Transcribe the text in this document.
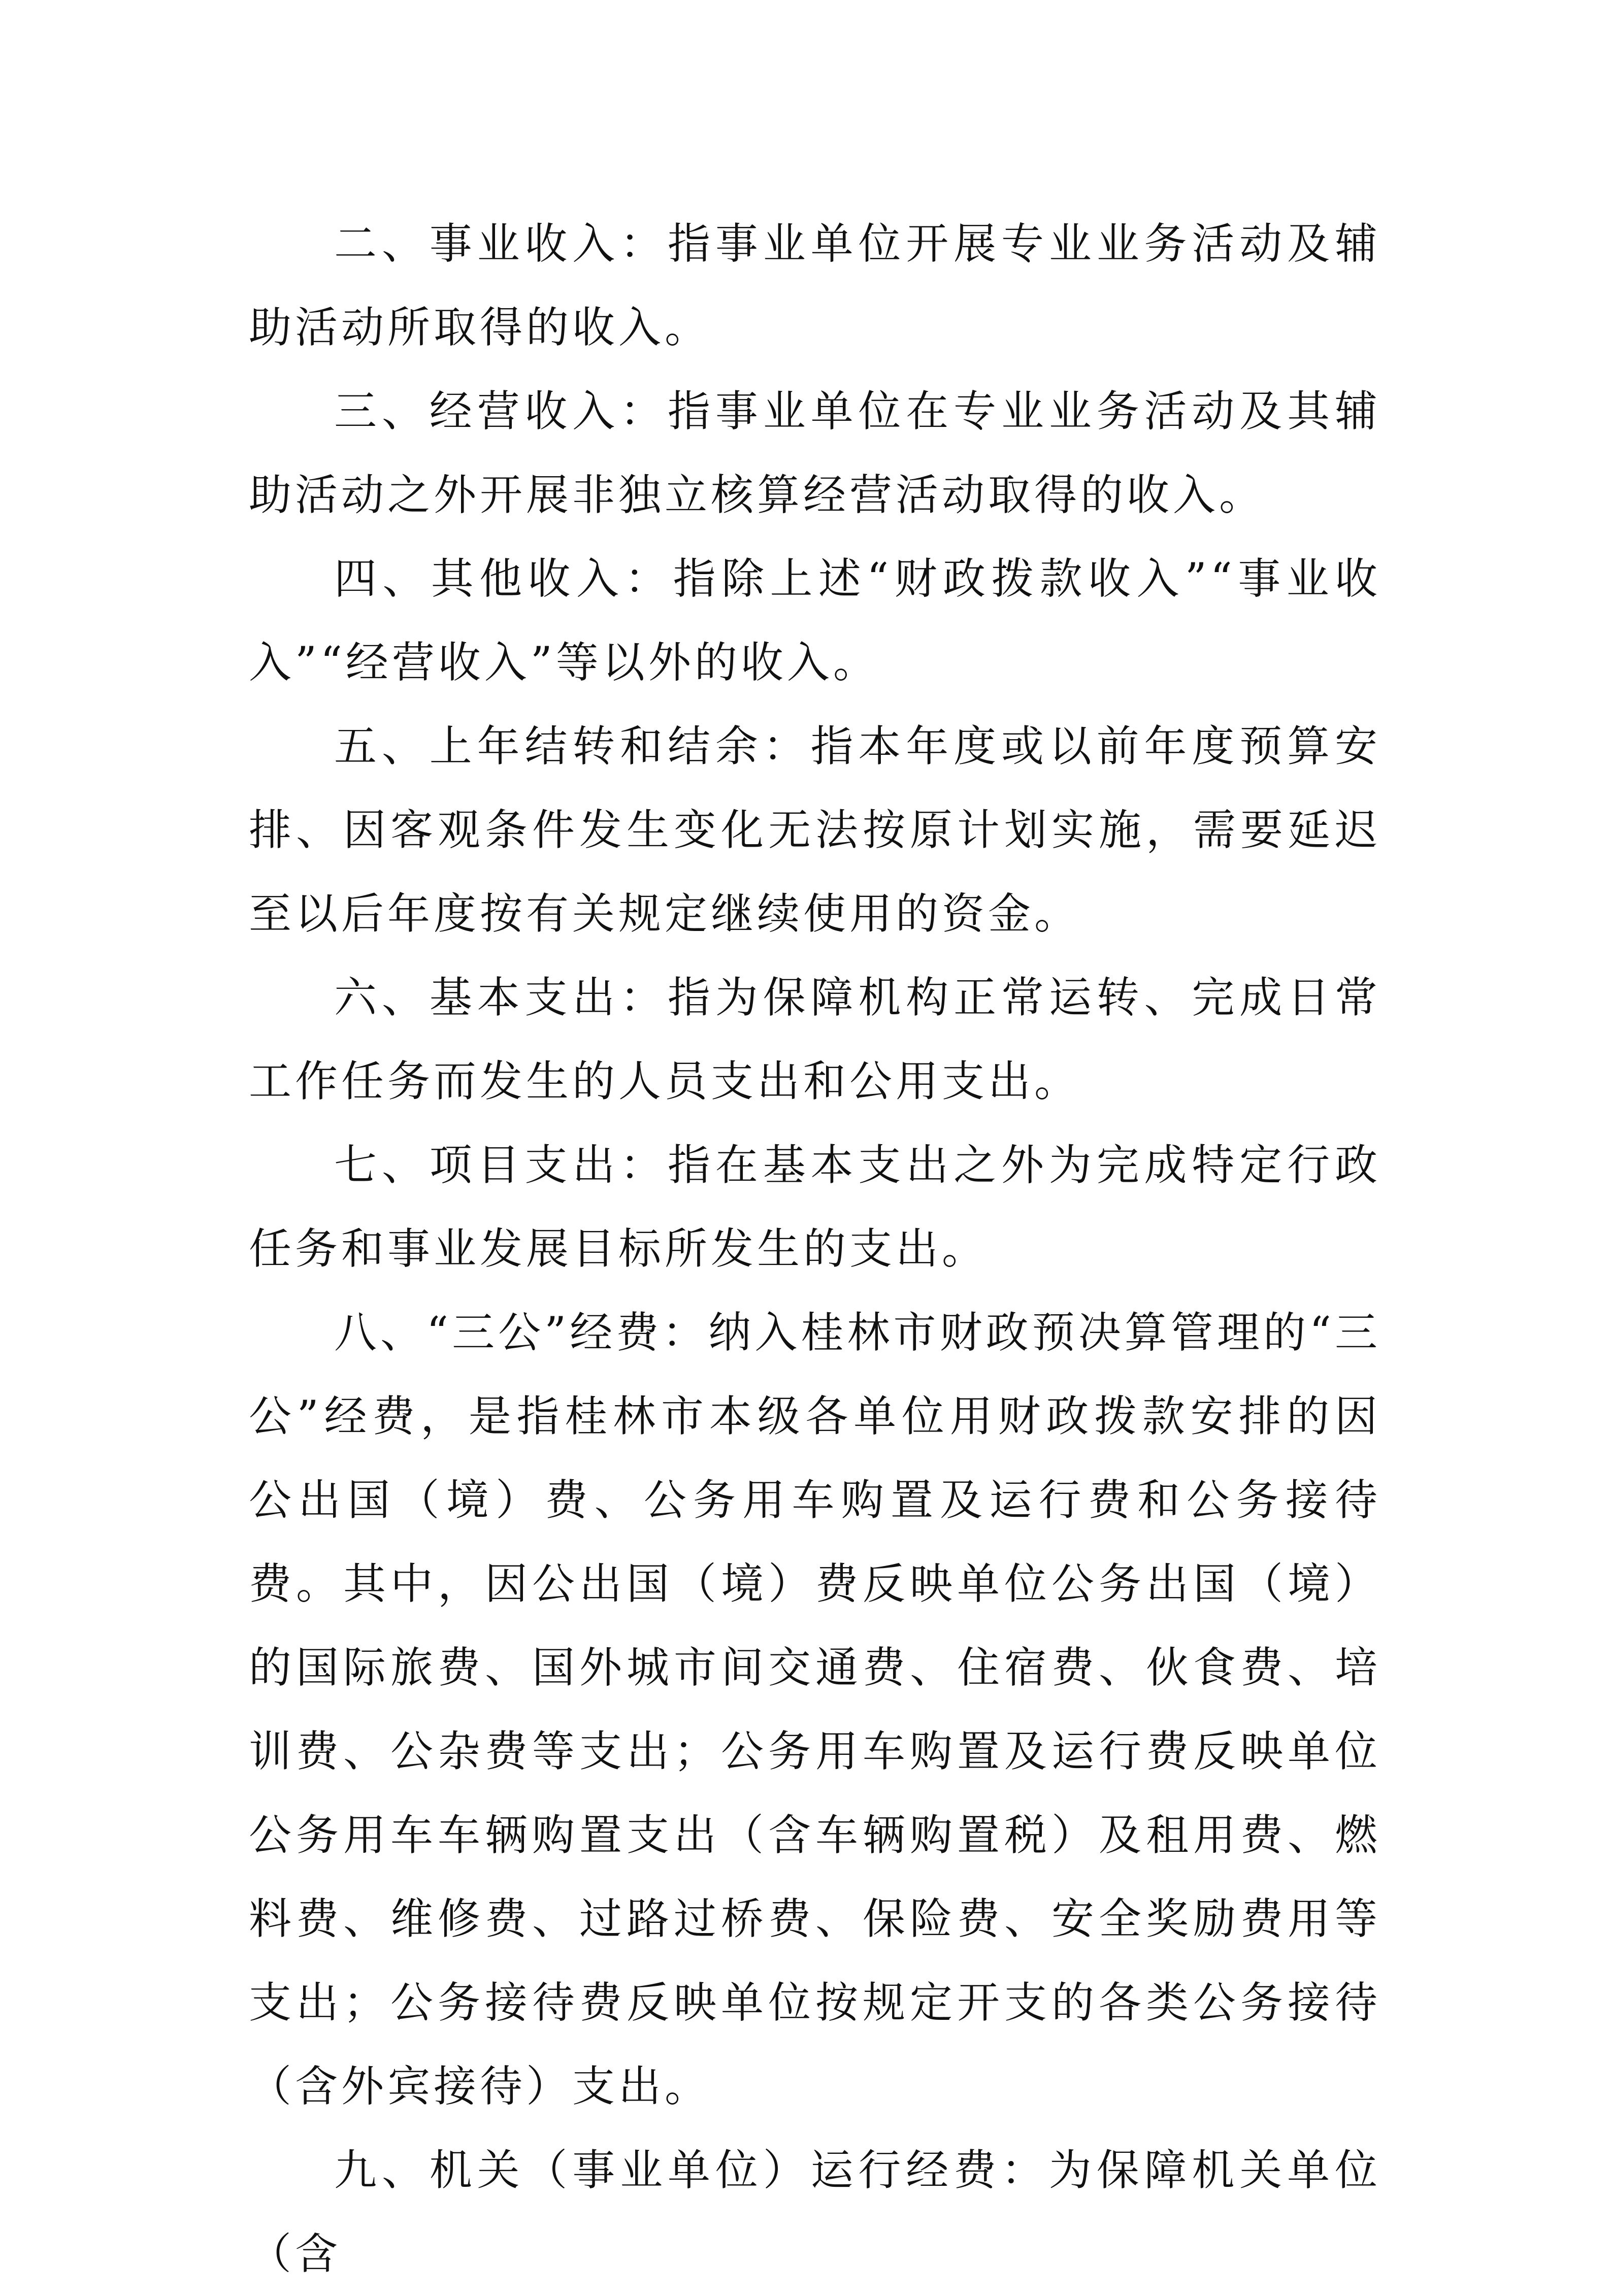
二、事业收入：指事业单位开展专业业务活动及辅助活动所取得的收入。

三、经营收入：指事业单位在专业业务活动及其辅助活动之外开展非独立核算经营活动取得的收入。

四、其他收入：指除上述“财政拨款收入”“事业收入”“经营收入”等以外的收入。

五、上年结转和结余：指本年度或以前年度预算安排、因客观条件发生变化无法按原计划实施，需要延迟至以后年度按有关规定继续使用的资金。

六、基本支出：指为保障机构正常运转、完成日常工作任务而发生的人员支出和公用支出。

七、项目支出：指在基本支出之外为完成特定行政任务和事业发展目标所发生的支出。

八、“三公”经费：纳入桂林市财政预决算管理的“三公”经费，是指桂林市本级各单位用财政拨款安排的因公出国（境）费、公务用车购置及运行费和公务接待费。其中，因公出国（境）费反映单位公务出国（境）的国际旅费、国外城市间交通费、住宿费、伙食费、培训费、公杂费等支出；公务用车购置及运行费反映单位公务用车车辆购置支出（含车辆购置税）及租用费、燃料费、维修费、过路过桥费、保险费、安全奖励费用等支出；公务接待费反映单位按规定开支的各类公务接待（含外宾接待）支出。

九、机关（事业单位）运行经费：为保障机关单位（含
